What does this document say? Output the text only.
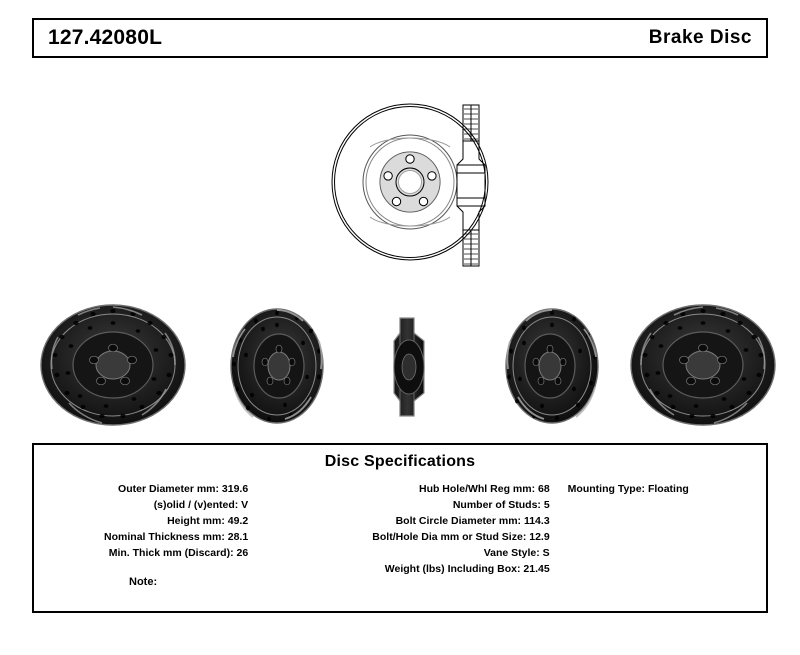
127.42080L	Brake Disc
Disc Specifications
Outer Diameter mm: 319.6
(s)olid / (v)ented: V
Height mm: 49.2
Nominal Thickness mm: 28.1
Min. Thick mm (Discard): 26
Hub Hole/Whl Reg mm: 68
Number of Studs: 5
Bolt Circle Diameter mm: 114.3
Bolt/Hole Dia mm or Stud Size: 12.9
Vane Style: S
Weight (lbs) Including Box: 21.45
Mounting Type: Floating
Note:
